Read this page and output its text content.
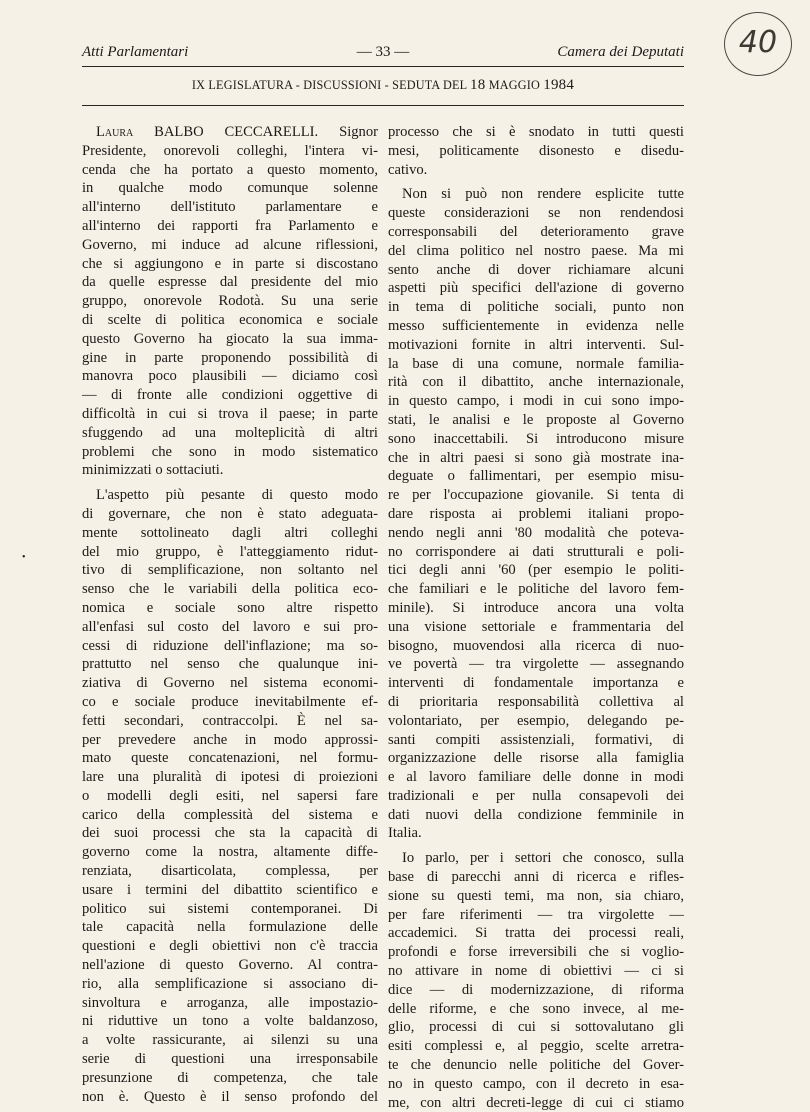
Atti Parlamentari	— 33 —	Camera dei Deputati	40
IX LEGISLATURA - DISCUSSIONI - SEDUTA DEL 18 MAGGIO 1984
•
Laura BALBO CECCARELLI. Signor
Presidente, onorevoli colleghi, l'intera vi-
cenda che ha portato a questo momento,
in qualche modo comunque solenne
all'interno dell'istituto parlamentare e
all'interno dei rapporti fra Parlamento e
Governo, mi induce ad alcune riflessioni,
che si aggiungono e in parte si discostano
da quelle espresse dal presidente del mio
gruppo, onorevole Rodotà. Su una serie
di scelte di politica economica e sociale
questo Governo ha giocato la sua imma-
gine in parte proponendo possibilità di
manovra poco plausibili — diciamo così
— di fronte alle condizioni oggettive di
difficoltà in cui si trova il paese; in parte
sfuggendo ad una molteplicità di altri
problemi che sono in modo sistematico
minimizzati o sottaciuti.
L'aspetto più pesante di questo modo
di governare, che non è stato adeguata-
mente sottolineato dagli altri colleghi
del mio gruppo, è l'atteggiamento ridut-
tivo di semplificazione, non soltanto nel
senso che le variabili della politica eco-
nomica e sociale sono altre rispetto
all'enfasi sul costo del lavoro e sui pro-
cessi di riduzione dell'inflazione; ma so-
prattutto nel senso che qualunque ini-
ziativa di Governo nel sistema economi-
co e sociale produce inevitabilmente ef-
fetti secondari, contraccolpi. È nel sa-
per prevedere anche in modo approssi-
mato queste concatenazioni, nel formu-
lare una pluralità di ipotesi di proiezioni
o modelli degli esiti, nel sapersi fare
carico della complessità del sistema e
dei suoi processi che sta la capacità di
governo come la nostra, altamente diffe-
renziata, disarticolata, complessa, per
usare i termini del dibattito scientifico e
politico sui sistemi contemporanei. Di
tale capacità nella formulazione delle
questioni e degli obiettivi non c'è traccia
nell'azione di questo Governo. Al contra-
rio, alla semplificazione si associano di-
sinvoltura e arroganza, alle impostazio-
ni riduttive un tono a volte baldanzoso,
a volte rassicurante, ai silenzi su una
serie di questioni una irresponsabile
presunzione di competenza, che tale
non è. Questo è il senso profondo del
processo che si è snodato in tutti questi
mesi, politicamente disonesto e disedu-
cativo.
Non si può non rendere esplicite tutte
queste considerazioni se non rendendosi
corresponsabili del deterioramento grave
del clima politico nel nostro paese. Ma mi
sento anche di dover richiamare alcuni
aspetti più specifici dell'azione di governo
in tema di politiche sociali, punto non
messo sufficientemente in evidenza nelle
motivazioni fornite in altri interventi. Sul-
la base di una comune, normale familia-
rità con il dibattito, anche internazionale,
in questo campo, i modi in cui sono impo-
stati, le analisi e le proposte al Governo
sono inaccettabili. Si introducono misure
che in altri paesi si sono già mostrate ina-
deguate o fallimentari, per esempio misu-
re per l'occupazione giovanile. Si tenta di
dare risposta ai problemi italiani propo-
nendo negli anni '80 modalità che poteva-
no corrispondere ai dati strutturali e poli-
tici degli anni '60 (per esempio le politi-
che familiari e le politiche del lavoro fem-
minile). Si introduce ancora una volta
una visione settoriale e frammentaria del
bisogno, muovendosi alla ricerca di nuo-
ve povertà — tra virgolette — assegnando
interventi di fondamentale importanza e
di prioritaria responsabilità collettiva al
volontariato, per esempio, delegando pe-
santi compiti assistenziali, formativi, di
organizzazione delle risorse alla famiglia
e al lavoro familiare delle donne in modi
tradizionali e per nulla consapevoli dei
dati nuovi della condizione femminile in
Italia.
Io parlo, per i settori che conosco, sulla
base di parecchi anni di ricerca e rifles-
sione su questi temi, ma non, sia chiaro,
per fare riferimenti — tra virgolette —
accademici. Si tratta dei processi reali,
profondi e forse irreversibili che si voglio-
no attivare in nome di obiettivi — ci si
dice — di modernizzazione, di riforma
delle riforme, e che sono invece, al me-
glio, processi di cui si sottovalutano gli
esiti complessi e, al peggio, scelte arretra-
te che denuncio nelle politiche del Gover-
no in questo campo, con il decreto in esa-
me, con altri decreti-legge di cui ci stiamo
